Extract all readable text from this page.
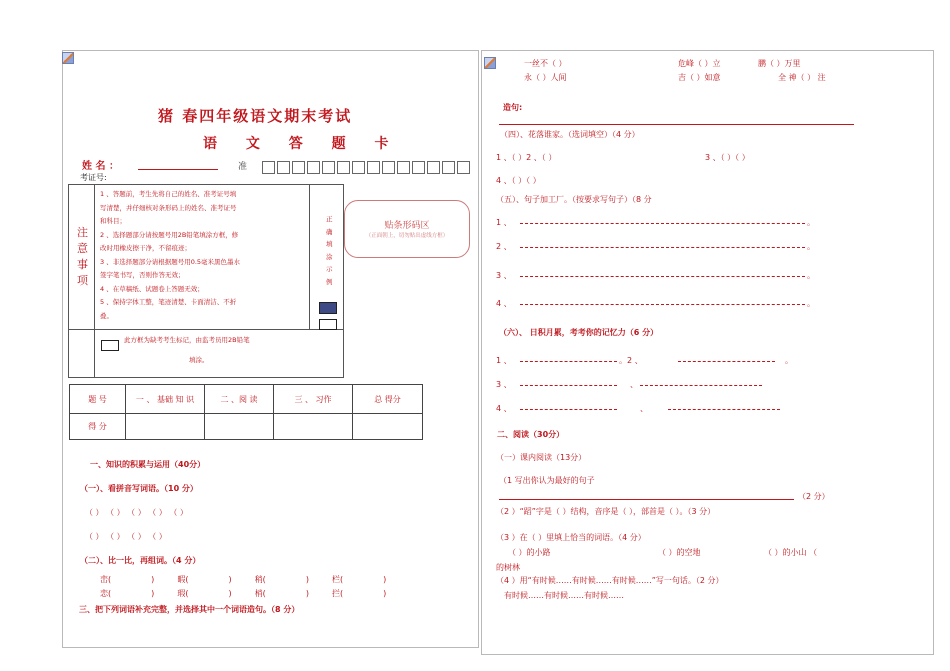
猪 春四年级语文期末考试
语 文 答 题 卡
姓 名 ：	准
考证号:
注意事项
1 、答题前，考生先将自己的姓名、准考证号填
写清楚，并仔细核对条形码上的姓名、准考证号
和科目；
2 、选择题部分请按题号用2B铅笔填涂方框，修
改时用橡皮擦干净，不留痕迹；
3 、非选择题部分请根据题号用0.5毫米黑色墨水
签字笔书写，否则作答无效；
4 、在草稿纸、试题卷上答题无效；
5 、保持字体工整，笔迹清楚、卡面清洁、不折
叠。
正确填涂示例
此方框为缺考考生标记，由监考员用2B铅笔
填涂。
贴条形码区
（正面朝上，切勿贴出虚线方框）
题 号	一 、 基础 知 识	二 、阅 读	三 、 习作	总 得分
得 分				
一、知识的积累与运用（40分）
（一）、看拼音写词语。（10 分）
（ ） （ ） （ ） （ ） （ ）
（ ） （ ） （ ） （ ）
（二）、比一比，再组词。（4 分）
峦(	)	暇(	)	稍(	)	栏(	)
恋(	)	瑕(	)	梢(	)	拦(	)
三、把下列词语补充完整，并选择其中一个词语造句。（8 分）
一丝不（ ）	危峰（ ）立	鹏（ ）万里
永（ ）人间	吉（ ）如意	全 神（ ） 注
造句:
（四）、花落谁家。（选词填空）（4 分）
1 、（ ）2 、（ ）	3 、（ ）（ ）
4 、（ ）（ ）
（五）、句子加工厂。（按要求写句子）（8 分
1 、	。
2 、	。
3 、	。
4 、	。
（六）、 日积月累，考考你的记忆力（6 分）
1 、	。2 、	。
3 、	、
4 、	、
二、阅读（30分）
（一）课内阅读（13分）
（1 写出你认为最好的句子
（2 分）
（2 ）“蹈”字是（ ）结构，音序是（ ），部首是（ ）。（3 分）
（3 ）在（ ）里填上恰当的词语。（4 分）
（ ）的小路	（ ）的空地	（ ）的小山 （
的树林
（4 ）用“有时候……有时候……有时候……”写一句话。（2 分）
有时候……有时候……有时候……
